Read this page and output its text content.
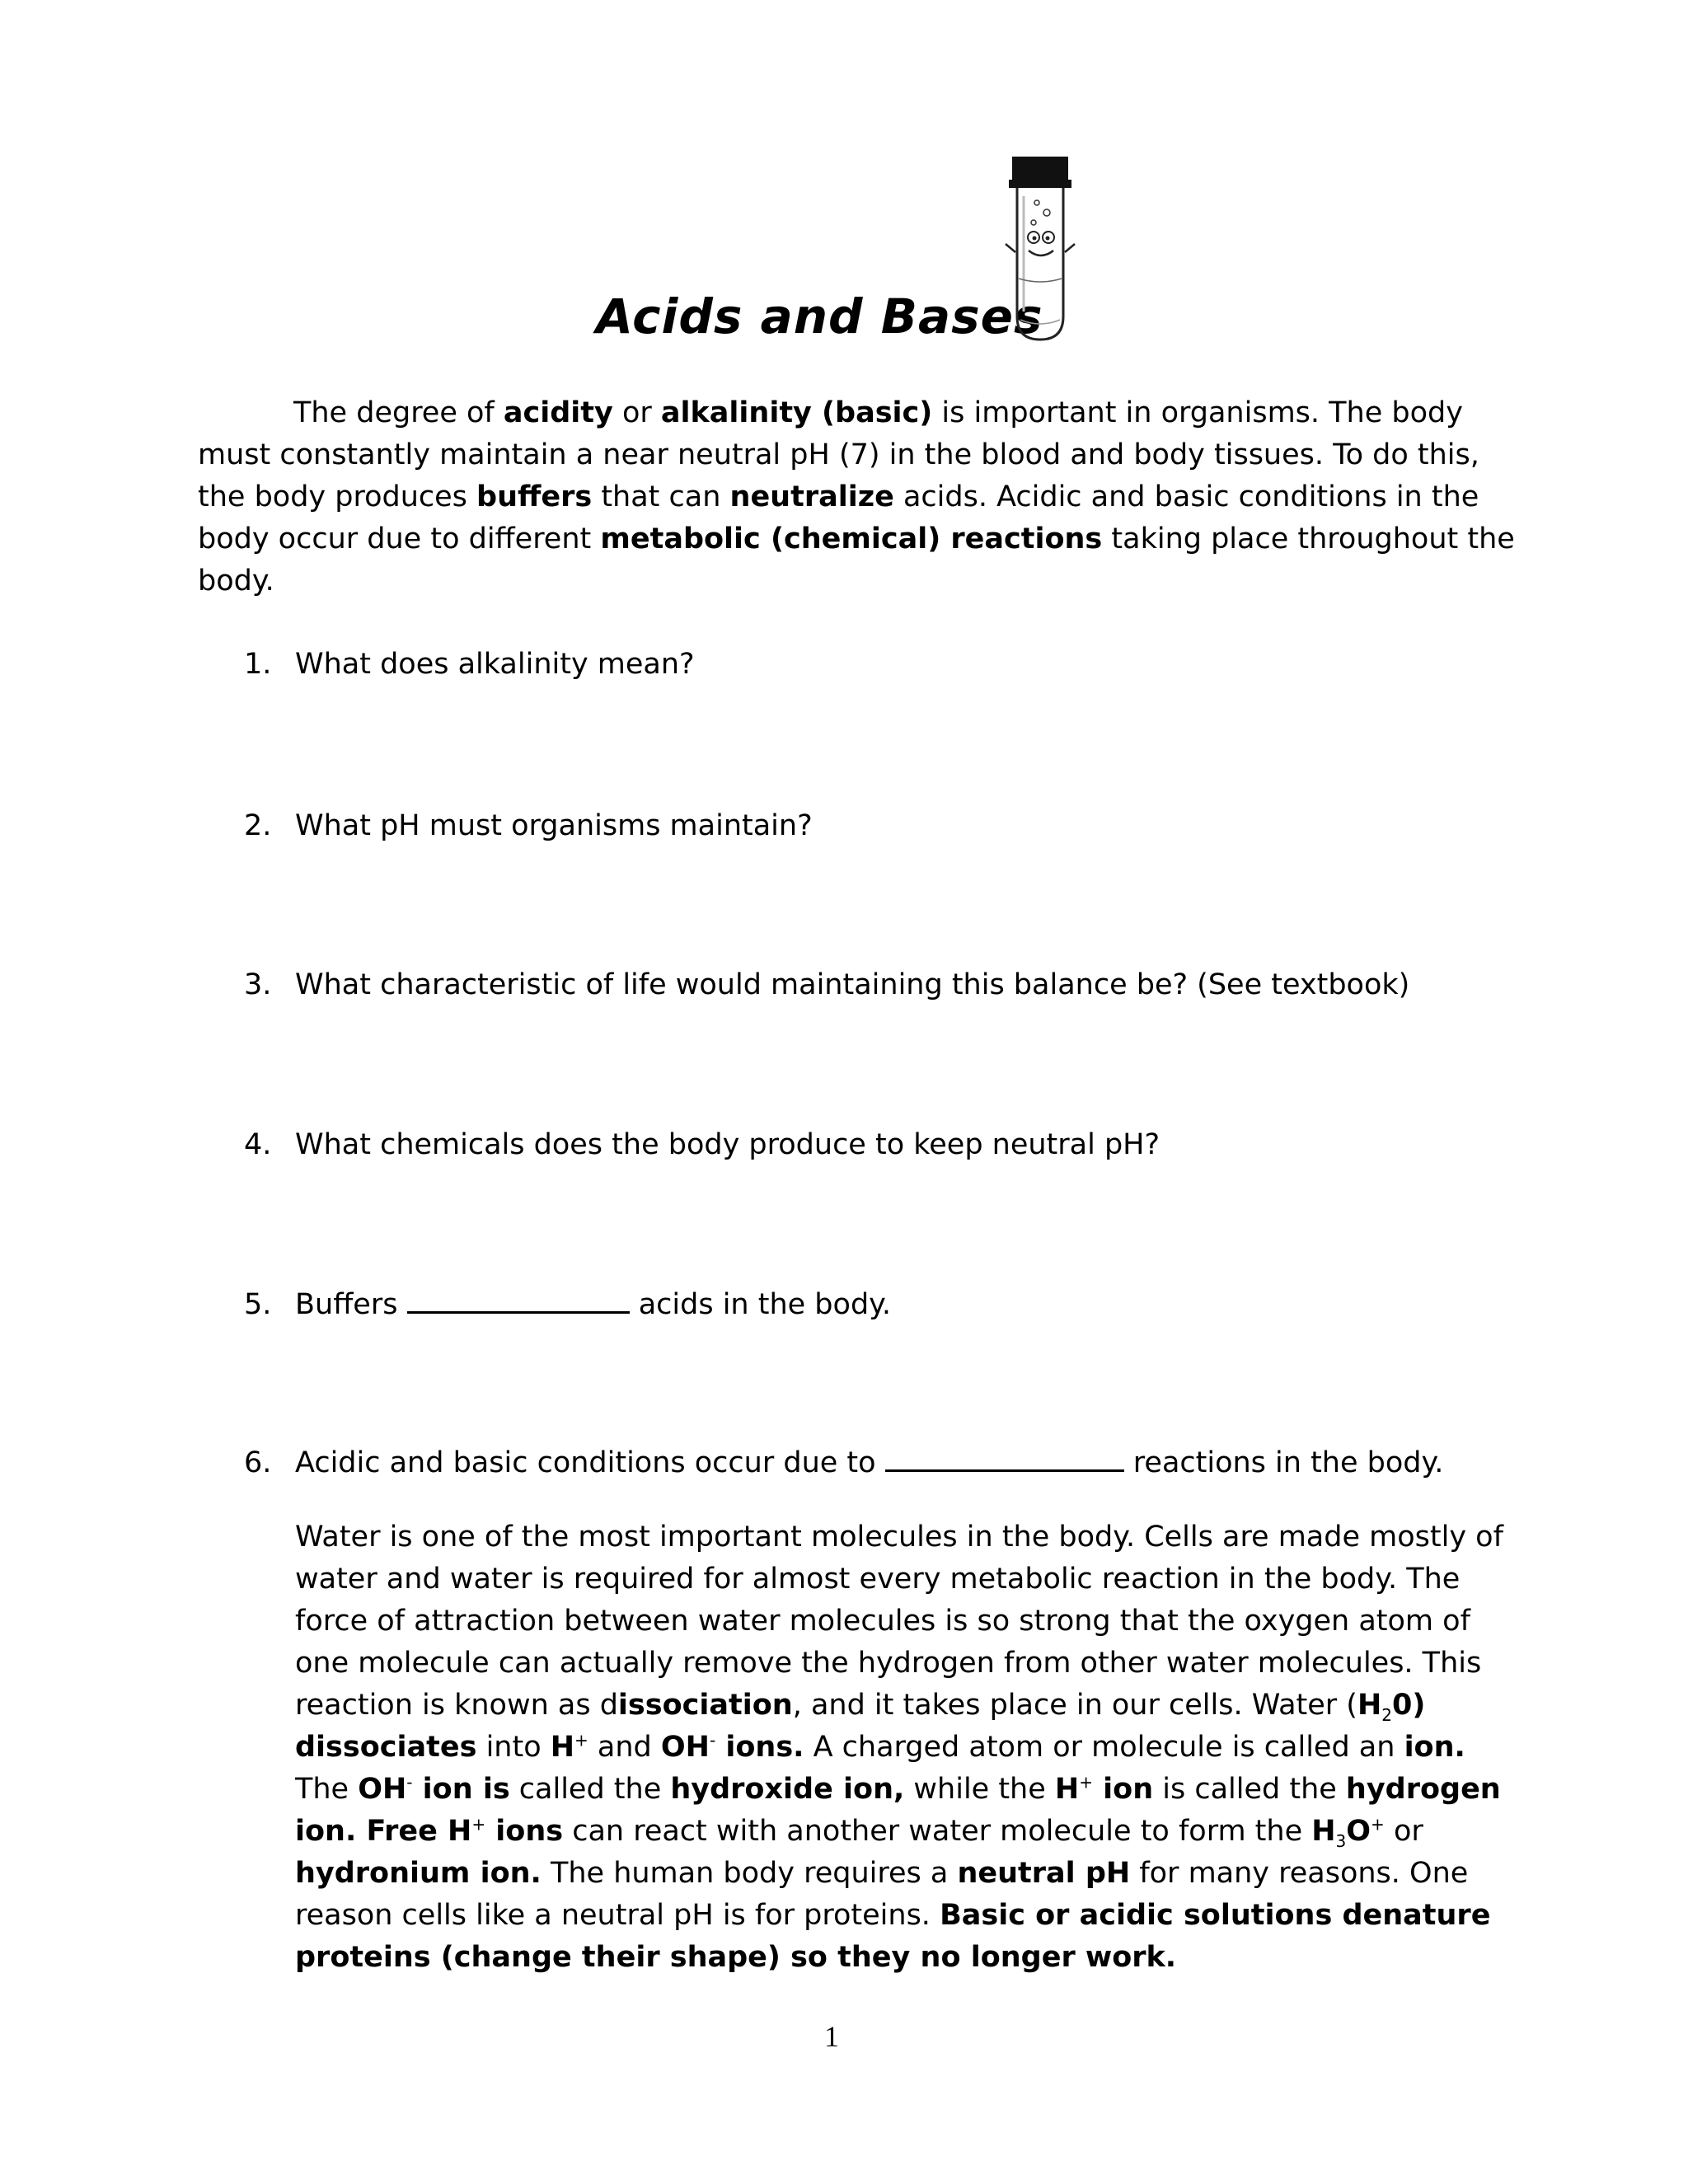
Acids and Bases
The degree of acidity or alkalinity (basic) is important in organisms. The body
must constantly maintain a near neutral pH (7) in the blood and body tissues. To do this,
the body produces buffers that can neutralize acids. Acidic and basic conditions in the
body occur due to different metabolic (chemical) reactions taking place throughout the
body.
1. What does alkalinity mean?
2. What pH must organisms maintain?
3. What characteristic of life would maintaining this balance be? (See textbook)
4. What chemicals does the body produce to keep neutral pH?
5. Buffers	acids in the body.
6. Acidic and basic conditions occur due to	reactions in the body.
Water is one of the most important molecules in the body. Cells are made mostly of
water and water is required for almost every metabolic reaction in the body. The
force of attraction between water molecules is so strong that the oxygen atom of
one molecule can actually remove the hydrogen from other water molecules. This
reaction is known as dissociation, and it takes place in our cells. Water $(H_20)$
dissociates into H+ and OH- ions. A charged atom or molecule is called an ion.
The OH- ion is called the hydroxide ion, while the H+ ion is called the hydrogen
ion. Free H+ ions can react with another water molecule to form the $H_3O^+$ or
hydronium ion. The human body requires a neutral pH for many reasons. One
reason cells like a neutral pH is for proteins. Basic or acidic solutions denature
proteins (change their shape) so they no longer work.
1
